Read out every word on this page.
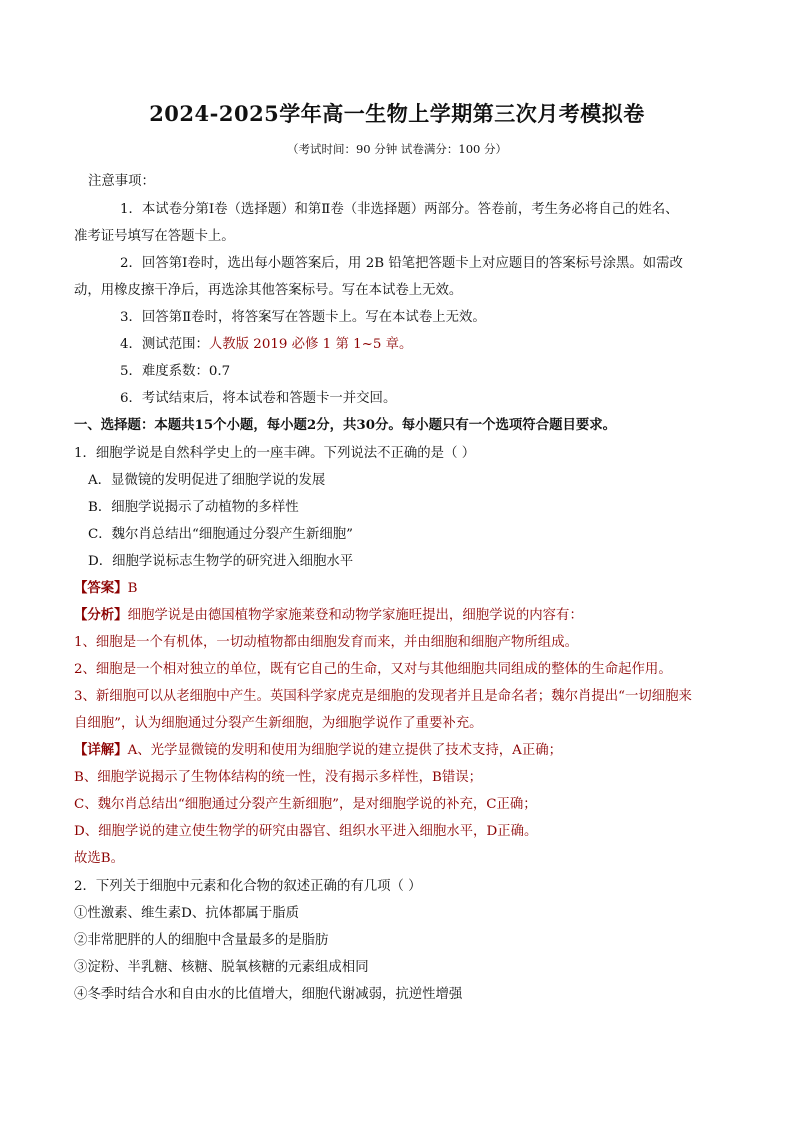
2024-2025学年高一生物上学期第三次月考模拟卷
（考试时间：90 分钟 试卷满分：100 分）
注意事项：
1．本试卷分第Ⅰ卷（选择题）和第Ⅱ卷（非选择题）两部分。答卷前，考生务必将自己的姓名、
准考证号填写在答题卡上。
2．回答第Ⅰ卷时，选出每小题答案后，用 2B 铅笔把答题卡上对应题目的答案标号涂黑。如需改
动，用橡皮擦干净后，再选涂其他答案标号。写在本试卷上无效。
3．回答第Ⅱ卷时，将答案写在答题卡上。写在本试卷上无效。
4．测试范围：人教版 2019 必修 1 第 1~5 章。
5．难度系数：0.7
6．考试结束后，将本试卷和答题卡一并交回。
一、选择题：本题共15个小题，每小题2分，共30分。每小题只有一个选项符合题目要求。
1．细胞学说是自然科学史上的一座丰碑。下列说法不正确的是（ ）
A．显微镜的发明促进了细胞学说的发展
B．细胞学说揭示了动植物的多样性
C．魏尔肖总结出“细胞通过分裂产生新细胞”
D．细胞学说标志生物学的研究进入细胞水平
【答案】B
【分析】细胞学说是由德国植物学家施莱登和动物学家施旺提出，细胞学说的内容有：
1、细胞是一个有机体，一切动植物都由细胞发育而来，并由细胞和细胞产物所组成。
2、细胞是一个相对独立的单位，既有它自己的生命，又对与其他细胞共同组成的整体的生命起作用。
3、新细胞可以从老细胞中产生。英国科学家虎克是细胞的发现者并且是命名者；魏尔肖提出“一切细胞来
自细胞”，认为细胞通过分裂产生新细胞，为细胞学说作了重要补充。
【详解】A、光学显微镜的发明和使用为细胞学说的建立提供了技术支持，A正确；
B、细胞学说揭示了生物体结构的统一性，没有揭示多样性，B错误；
C、魏尔肖总结出“细胞通过分裂产生新细胞”，是对细胞学说的补充，C正确；
D、细胞学说的建立使生物学的研究由器官、组织水平进入细胞水平，D正确。
故选B。
2．下列关于细胞中元素和化合物的叙述正确的有几项（ ）
①性激素、维生素D、抗体都属于脂质
②非常肥胖的人的细胞中含量最多的是脂肪
③淀粉、半乳糖、核糖、脱氧核糖的元素组成相同
④冬季时结合水和自由水的比值增大，细胞代谢减弱，抗逆性增强
